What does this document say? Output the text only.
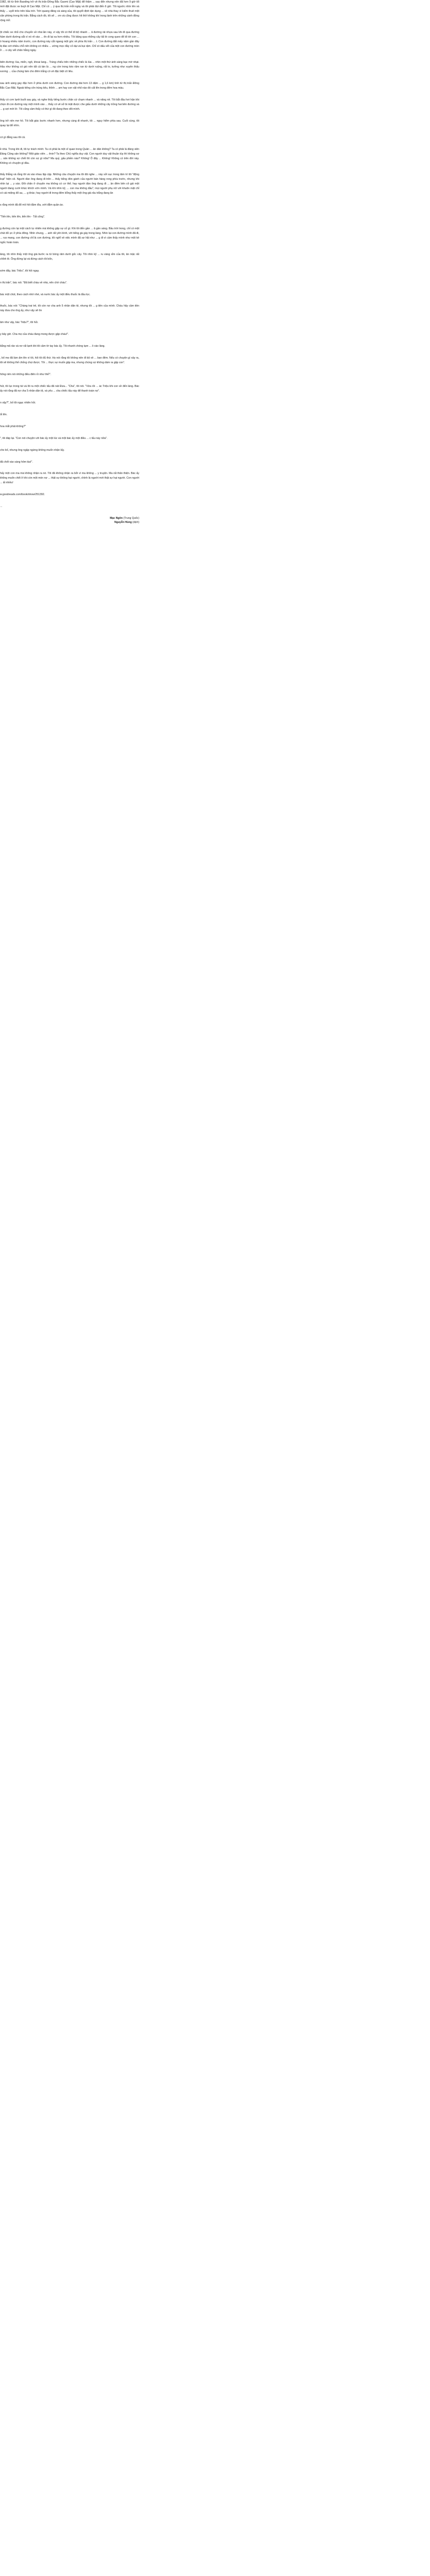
1982, tôi từ tỉnh Baoding trở về thị trấn Đông Bắc Gaomi (Cao Mật) để thăm ... sau đến nhưng nên đã hơn 9 giờ tối mới đặt được xe buýt đi Cao Mật. Chỉ có ... ý qua thị trấn mỗi ngày và tôi phải đợi đến 6 giờ. Tôi ngước nhìn lên và thấy ... uyết trẻo trên bầu trời. Trời quang đãng và sáng sủa, tôi quyết định tận dụng ... về nhà thay vì kiếm thuê một căn phòng trong thị trấn. Bằng cách đó, tôi sẽ ... ơn và cũng được hít thở không khí trong lành trên những cánh đồng rộng mở.

ột chiếc xe nhỏ cho chuyến về nhà lần này, vì vậy tôi có thể đi bộ nhanh ... ã đường rải nhựa sau khi đi qua đường hầm dưới đường sắt vì nó rẽ vào ... ến đi lại xa hơn nhiều. Tôi băng qua những cây tất lè cong queo để đi tới con ... ó hoang nhiều năm trước, con đường này cắt ngang một góc về phía thị trấn ... t. Con đường đất mấy năm gần đây bị đào xới nhiều chỗ nên không có nhiều ... ường mọc đầy cỏ dại và bụi rậm. Chỉ có dấu vết của một con đường mòn ở ... o cây vết chân hằng ngày.

biên đường: lúa, miến, ngô, khoai lang... Tráng chiếu trên những chiếc lá lúa ... nhìn một thứ ánh sáng bạc mờ nhạt. Hầu như không có gió nên tất cả tán lá ... ng còn trong kèo răm ran từ dưới ruộng, rất to, tưởng như xuyên thấu xương ... của chúng làm cho đêm trắng có vẻ đặc biệt cô liêu.

sau ánh sáng gay đặc hơn ở phía dưới con đường. Con đường dài hơn 13 dặm ... g 1,6 km) tính từ thị trấn Đông Bắc Cao Mật. Ngoài tiếng côn trùng kêu, thỉnh ... am hay con vật nhỏ nào đó cất lên trong đêm hoa màu.

thấy có cơn lạnh buốt sau gáy, và nghe thấy tiếng bước chân cứ chạm nhanh ... và năng nề. Tôi bắt đầu hơi hận khi chọn đi con đường này một mình vào ... thấy có vẻ sở bi mặt được che giấu dưới những cây trồng hai bên đường và ... g sợi mới lớ. Tôi cũng cảm thấy có thứ gì đó đang theo dõi mình.

ông trở nên mơ hồ. Tôi bắt giác bước nhanh hơn, nhưng càng đi nhanh, tôi ... nguy hiểm phía sau. Cuối cùng, tôi quay lại để nhìn.

có gì đằng sau tôi cả.

ề nhà. Trong khi đi, tôi tự trách mình: Ta có phải là một sĩ quan trong Quân ... ân dân không? Ta có phải là đảng viên Đảng Cộng sản không? Một giáo viên ... ênin? Ta theo Chủ nghĩa duy vật. Con người duy vật thuần túy thì không sợ ... sản không sợ chết thì còn sợ gì nữa? Ma quỷ, gấu phiền nào? Không! Ô đây ... Không! Không có trên đời này. Không có chuyện gì đâu.

thấy thẳng và rằng tôi và vào nhau lập cập. Những câu chuyện ma tôi đã nghe ... này sởi sục trong tâm trí tôi "động loạt" hiện về. Người đàn ông đang đi trên ... thấy tiếng đòn gánh của người bán hàng rong phía trước, nhưng khi nhìn lại ... y sáo. Đôi chân ở chuyện ma không có cơ thể; hay người đàn ông đang đi ... ần đêm bên cô gái một người đang cười khúc khích vớn mình. Và khi nhìn kỹ, ... con ma không đầu"; mọi người phụ nữ với khuôn mặt chỉ có cái miệng đỏ au, ... g khác; hay người đi trong đêm bỗng thấy một ông già râu trắng đang ăn

s rằng mình đã đổ mồ hôi đầm đìa, ướt đẫm quần áo.

"Tiến lên, tiến lên, tiến lên - Tất công".

g đường còn lại một cách tự nhiên mà không gặp sự cố gì. Khi tôi đến gần ... ã gần sáng. Bầu trời trong, chỉ có một chút đỏ ực ở phía đông. Nhìn chung, ... anh rất yên bình, với tiếng gà gáy trong làng. Nhìn lại con đường mình đã đi, ... rus mang, con đường chỉ là con đường, tôi nghĩ về việc mình đã sợ hãi như ... g đi vì cảm thấy mình như một kẻ ngốc hoàn toàn.

làng, tôi nhìn thấy một ông già bước ra từ bóng râm dưới gốc cây. Tôi nhìn kỹ ... ru vàng xỉm của tôi, ân mặc rất chỉnh tề. Ông đứng lại và đứng cách tôi bốn,

sớm đấy, bác Triệu", tôi hỏi ngay.

n thị trấn", bác nói. "Đã biết cháu về nhà, nên chờ cháu".

bác một chút, theo cách nhớ nhé, và nước bác ấy một điều thuốc lá đầu lọc.

thuốc, bác nói: "Chàng trai trẻ, tôi còn nợ cha anh 5 nhân dân tệ, nhưng tôi ... g tiền của mình. Cháu hãy cầm tiền này đưa cho ông ấy, như vậy sẽ ôn

âm như vậy, bác Triệu?", tôi hỏi.

y bây giờ. Cha mẹ của cháu đang mong được gặp cháu!".

bằng mã rảo và nơ rất lạnh khi tôi cầm tờ tay bác ấy. Tôi nhanh chóng tạm ... ồ vào làng.

, bố mẹ đã làm ấm lên vì tôi, hỏi tôi đủ thứ. Họ nói rằng tôi không nên đi bộ về ... ban đêm. Nếu có chuyện gì xảy ra, tôi sẽ không thể chống chọi được. Tôi ... thực sự muốn gặp ma, nhưng chúng sợ không dám ra gặp con".

hông nên nói những điều điên rồ như thế!".

hút, tôi lục trong túi và lôi ra một chiếc tẩu đã nát Đưa... "Cha", tôi nói. "Vừa rồi ... ác Triệu khi con về đến làng. Bác ấy nói rằng đã nợ cha 5 nhân dân tệ, và yêu ... cha chiếc tẩu này để thanh toán nợ".

n vậy?", bố tôi ngạc nhiên hỏi.

ốt lên.

hoa mắt phải không?"

", tôi đáp lại. "Con nói chuyện với bác ấy một lúc và một bác ấy một điều ... c tẩu này nữa".

cho bố, nhưng ông ngập ngừng không muốn nhận lấy.

đã chết vào sáng hôm kia!".

hấy một con ma mà không nhận ra nó. Tôi đã không nhận ra bởi vì ma không ... y truyện. Ma rất thân thiện. Bác ấy không muốn chết ở khi còn một món nợ ... thật sự không hại người, chính là người mới thật sự hại người. Con người ... ất nhiều!

w.goodreads.com/book/show/251392.

...

Mạc Ngôn (Trung Quốc)
Nguyễn Hùng (dịch)
